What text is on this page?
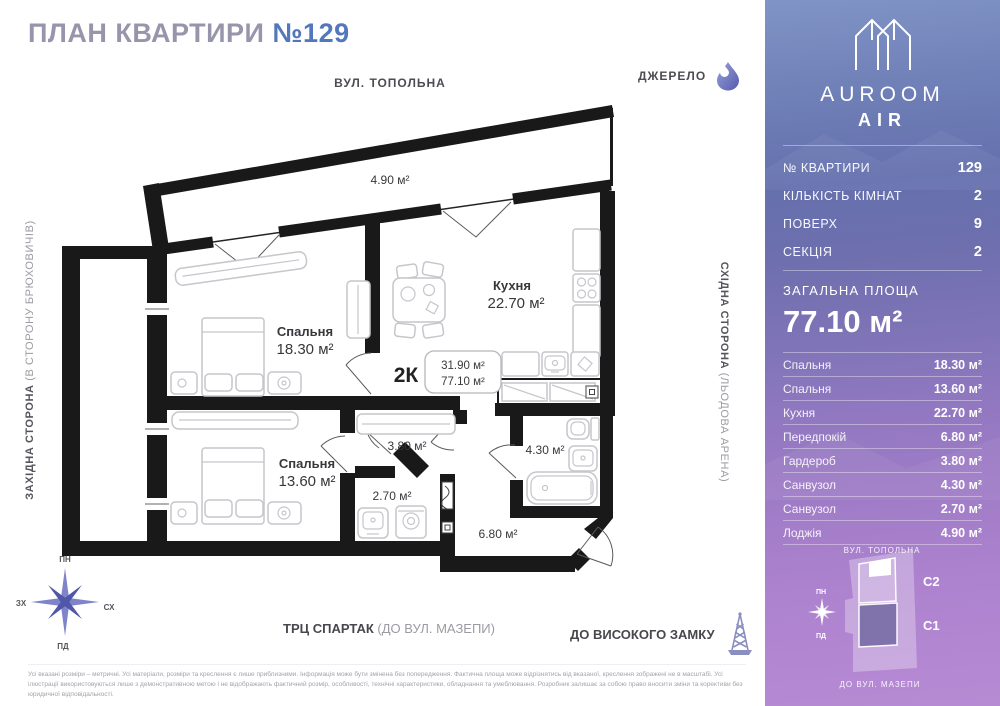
ПЛАН КВАРТИРИ №129
ВУЛ. ТОПОЛЬНА
ДЖЕРЕЛО
ЗАХІДНА СТОРОНА (В СТОРОНУ БРЮХОВИЧІВ)	СХІДНА СТОРОНА (ЛЬОДОВА АРЕНА)
4.90 м²
Спальня
18.30 м²
Кухня
22.70 м²
Спальня
13.60 м²
3.80 м²
2.70 м²
4.30 м²
6.80 м²
2К 31.90 м²
77.10 м²
ПН
СХ
ПД
ЗХ
ТРЦ СПАРТАК (ДО ВУЛ. МАЗЕПИ)	ДО ВИСОКОГО ЗАМКУ
Усі вказані розміри – метричні. Усі матеріали, розміри та креслення є лише приблизними. Інформація може бути змінена без попередження. Фактична площа може відрізнятись від вказаної, креслення зображені не в масштабі. Усі ілюстрації використовуються лише з демонстративною метою і не відображають фактичний розмір, особливості, технічні характеристики, обладнання та умеблювання. Розробник залишає за собою право вносити зміни та корективи без юридичної відповідальності.
AUROOM
AIR
№ КВАРТИРИ	129
КІЛЬКІСТЬ КІМНАТ	2
ПОВЕРХ	9
СЕКЦІЯ	2
ЗАГАЛЬНА ПЛОЩА
77.10 м²
Спальня	18.30 м²
Спальня	13.60 м²
Кухня	22.70 м²
Передпокій	6.80 м²
Гардероб	3.80 м²
Санвузол	4.30 м²
Санвузол	2.70 м²
Лоджія	4.90 м²
ВУЛ. ТОПОЛЬНА
С2
С1
ПН
ПД
ДО ВУЛ. МАЗЕПИ
